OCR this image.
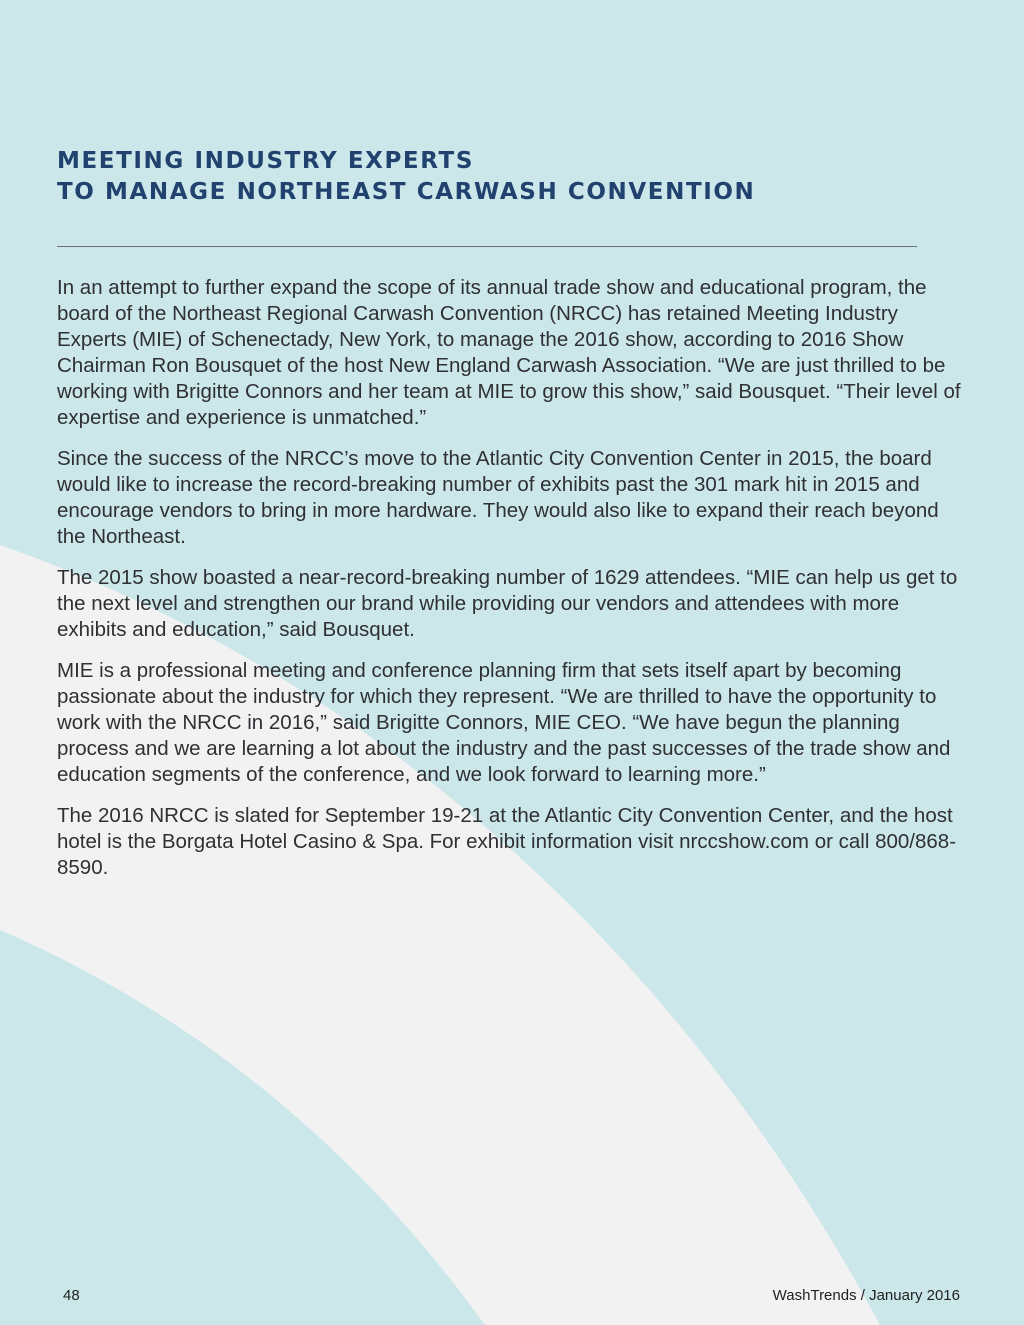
MEETING INDUSTRY EXPERTS
TO MANAGE NORTHEAST CARWASH CONVENTION

In an attempt to further expand the scope of its annual trade show and educational program, the board of the Northeast Regional Carwash Convention (NRCC) has retained Meeting Industry Experts (MIE) of Schenectady, New York, to manage the 2016 show, according to 2016 Show Chairman Ron Bousquet of the host New England Carwash Association. “We are just thrilled to be working with Brigitte Connors and her team at MIE to grow this show,” said Bousquet. “Their level of expertise and experience is unmatched.”

Since the success of the NRCC’s move to the Atlantic City Convention Center in 2015, the board would like to increase the record-breaking number of exhibits past the 301 mark hit in 2015 and encourage vendors to bring in more hardware. They would also like to expand their reach beyond the Northeast.

The 2015 show boasted a near-record-breaking number of 1629 attendees. “MIE can help us get to the next level and strengthen our brand while providing our vendors and attendees with more exhibits and education,” said Bousquet.

MIE is a professional meeting and conference planning firm that sets itself apart by becoming passionate about the industry for which they represent. “We are thrilled to have the opportunity to work with the NRCC in 2016,” said Brigitte Connors, MIE CEO. “We have begun the planning process and we are learning a lot about the industry and the past successes of the trade show and education segments of the conference, and we look forward to learning more.”

The 2016 NRCC is slated for September 19-21 at the Atlantic City Convention Center, and the host hotel is the Borgata Hotel Casino & Spa. For exhibit information visit nrccshow.com or call 800/868-8590.

48	WashTrends / January 2016
